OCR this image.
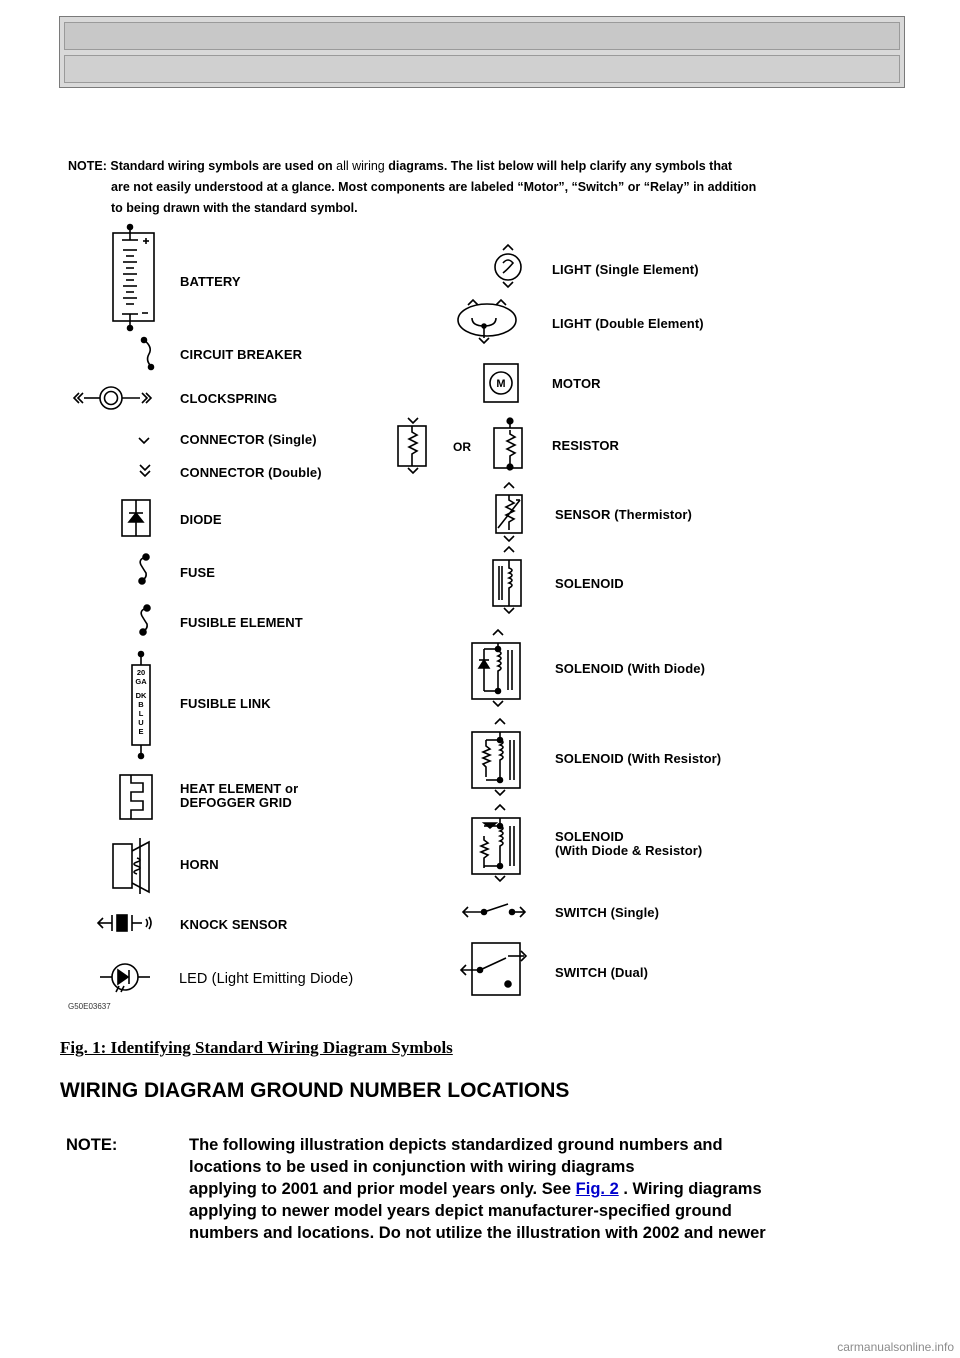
NOTE: Standard wiring symbols are used on all wiring diagrams. The list below will help clarify any symbols that
are not easily understood at a glance. Most components are labeled “Motor”, “Switch” or “Relay” in addition
to being drawn with the standard symbol.
BATTERY
CIRCUIT BREAKER
CLOCKSPRING
CONNECTOR (Single)
CONNECTOR (Double)
DIODE
FUSE
FUSIBLE ELEMENT
FUSIBLE LINK
HEAT ELEMENT or
DEFOGGER GRID
HORN
KNOCK SENSOR
LED (Light Emitting Diode)
LIGHT (Single Element)
LIGHT (Double Element)
MOTOR
RESISTOR
SENSOR (Thermistor)
SOLENOID
SOLENOID (With Diode)
SOLENOID (With Resistor)
SOLENOID
(With Diode & Resistor)
SWITCH (Single)
SWITCH (Dual)
OR
G50E03637
20
GA
DK
B
L
U
E
M
Fig. 1: Identifying Standard Wiring Diagram Symbols
WIRING DIAGRAM GROUND NUMBER LOCATIONS
NOTE:	The following illustration depicts standardized ground numbers and
locations to be used in conjunction with wiring diagrams
applying to 2001 and prior model years only. See Fig. 2 . Wiring diagrams
applying to newer model years depict manufacturer-specified ground
numbers and locations. Do not utilize the illustration with 2002 and newer
carmanualsonline.info
